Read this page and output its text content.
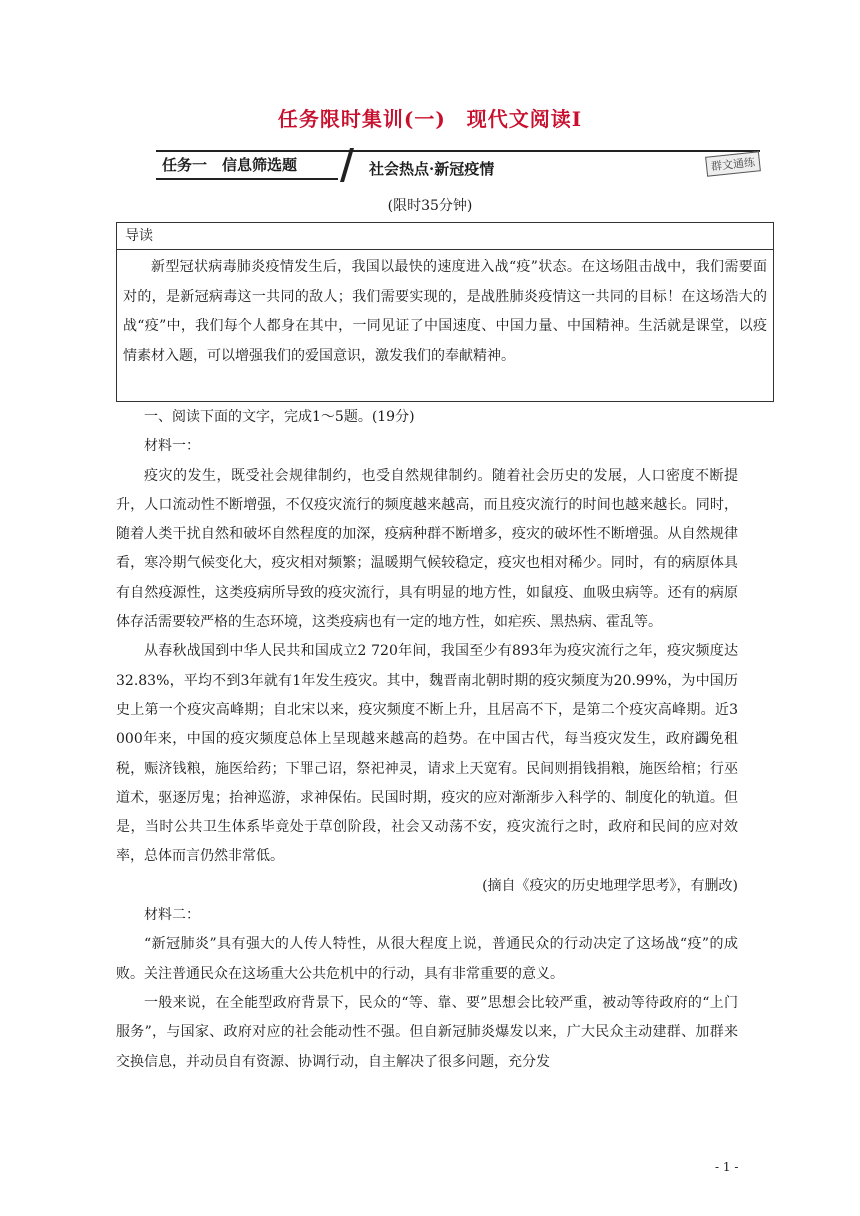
任务限时集训(一)　现代文阅读Ⅰ
任务一　信息筛选题	社会热点·新冠疫情	群文通练
(限时35分钟)
导读
新型冠状病毒肺炎疫情发生后，我国以最快的速度进入战“疫”状态。在这场阻击战中，我们需要面对的，是新冠病毒这一共同的敌人；我们需要实现的，是战胜肺炎疫情这一共同的目标！在这场浩大的战“疫”中，我们每个人都身在其中，一同见证了中国速度、中国力量、中国精神。生活就是课堂，以疫情素材入题，可以增强我们的爱国意识，激发我们的奉献精神。

一、阅读下面的文字，完成1～5题。(19分)

材料一：

疫灾的发生，既受社会规律制约，也受自然规律制约。随着社会历史的发展，人口密度不断提升，人口流动性不断增强，不仅疫灾流行的频度越来越高，而且疫灾流行的时间也越来越长。同时，随着人类干扰自然和破坏自然程度的加深，疫病种群不断增多，疫灾的破坏性不断增强。从自然规律看，寒冷期气候变化大，疫灾相对频繁；温暖期气候较稳定，疫灾也相对稀少。同时，有的病原体具有自然疫源性，这类疫病所导致的疫灾流行，具有明显的地方性，如鼠疫、血吸虫病等。还有的病原体存活需要较严格的生态环境，这类疫病也有一定的地方性，如疟疾、黑热病、霍乱等。

从春秋战国到中华人民共和国成立2 720年间，我国至少有893年为疫灾流行之年，疫灾频度达32.83%，平均不到3年就有1年发生疫灾。其中，魏晋南北朝时期的疫灾频度为20.99%，为中国历史上第一个疫灾高峰期；自北宋以来，疫灾频度不断上升，且居高不下，是第二个疫灾高峰期。近3 000年来，中国的疫灾频度总体上呈现越来越高的趋势。在中国古代，每当疫灾发生，政府蠲免租税，赈济钱粮，施医给药；下罪己诏，祭祀神灵，请求上天宽宥。民间则捐钱捐粮，施医给棺；行巫道术，驱逐厉鬼；抬神巡游，求神保佑。民国时期，疫灾的应对渐渐步入科学的、制度化的轨道。但是，当时公共卫生体系毕竟处于草创阶段，社会又动荡不安，疫灾流行之时，政府和民间的应对效率，总体而言仍然非常低。

(摘自《疫灾的历史地理学思考》，有删改)

材料二：

“新冠肺炎”具有强大的人传人特性，从很大程度上说，普通民众的行动决定了这场战“疫”的成败。关注普通民众在这场重大公共危机中的行动，具有非常重要的意义。

一般来说，在全能型政府背景下，民众的“等、靠、要”思想会比较严重，被动等待政府的“上门服务”，与国家、政府对应的社会能动性不强。但自新冠肺炎爆发以来，广大民众主动建群、加群来交换信息，并动员自有资源、协调行动，自主解决了很多问题，充分发

- 1 -
